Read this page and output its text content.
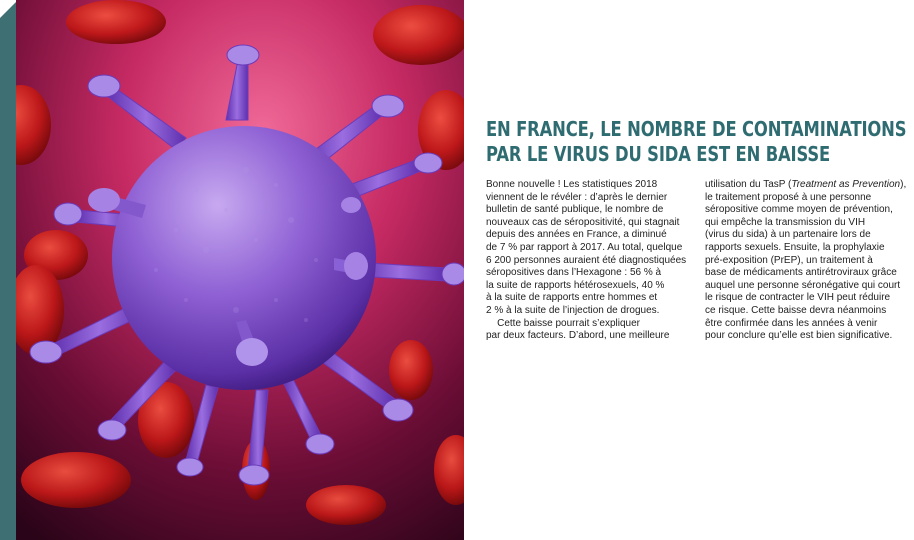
EN FRANCE, LE NOMBRE DE CONTAMINATIONS
PAR LE VIRUS DU SIDA EST EN BAISSE
Bonne nouvelle ! Les statistiques 2018
viennent de le révéler : d’après le dernier
bulletin de santé publique, le nombre de
nouveaux cas de séropositivité, qui stagnait
depuis des années en France, a diminué
de 7 % par rapport à 2017. Au total, quelque
6 200 personnes auraient été diagnostiquées
séropositives dans l’Hexagone : 56 % à
la suite de rapports hétérosexuels, 40 %
à la suite de rapports entre hommes et
2 % à la suite de l’injection de drogues.
Cette baisse pourrait s’expliquer
par deux facteurs. D’abord, une meilleure
utilisation du TasP (Treatment as Prevention),
le traitement proposé à une personne
séropositive comme moyen de prévention,
qui empêche la transmission du VIH
(virus du sida) à un partenaire lors de
rapports sexuels. Ensuite, la prophylaxie
pré-exposition (PrEP), un traitement à
base de médicaments antirétroviraux grâce
auquel une personne séronégative qui court
le risque de contracter le VIH peut réduire
ce risque. Cette baisse devra néanmoins
être confirmée dans les années à venir
pour conclure qu’elle est bien significative.
